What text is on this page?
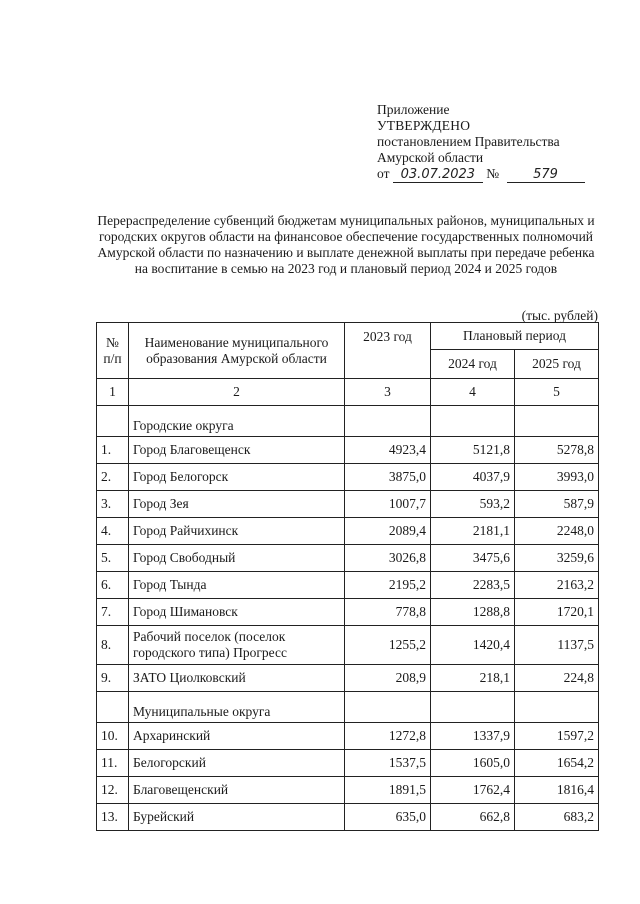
Приложение
УТВЕРЖДЕНО
постановлением Правительства
Амурской области
от 03.07.2023 №	579
Перераспределение субвенций бюджетам муниципальных районов, муниципальных и городских округов области на финансовое обеспечение государственных полномочий Амурской области по назначению и выплате денежной выплаты при передаче ребенка на воспитание в семью на 2023 год и плановый период 2024 и 2025 годов
(тыс. рублей)
№ п/п	Наименование муниципального образования Амурской области	2023 год	Плановый период	
			2024 год	2025 год
1	2	3	4	5
	Городские округа			
1.	Город Благовещенск	4923,4	5121,8	5278,8
2.	Город Белогорск	3875,0	4037,9	3993,0
3.	Город Зея	1007,7	593,2	587,9
4.	Город Райчихинск	2089,4	2181,1	2248,0
5.	Город Свободный	3026,8	3475,6	3259,6
6.	Город Тында	2195,2	2283,5	2163,2
7.	Город Шимановск	778,8	1288,8	1720,1
8.	Рабочий поселок (поселок городского типа) Прогресс	1255,2	1420,4	1137,5
9.	ЗАТО Циолковский	208,9	218,1	224,8
	Муниципальные округа			
10.	Архаринский	1272,8	1337,9	1597,2
11.	Белогорский	1537,5	1605,0	1654,2
12.	Благовещенский	1891,5	1762,4	1816,4
13.	Бурейский	635,0	662,8	683,2
